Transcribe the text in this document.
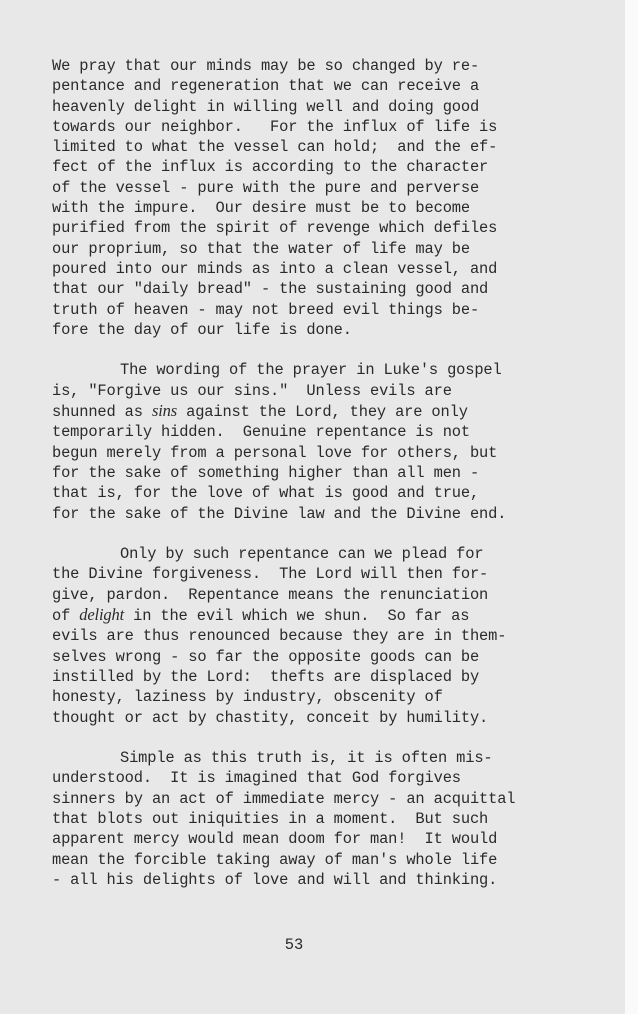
We pray that our minds may be so changed by re-
pentance and regeneration that we can receive a
heavenly delight in willing well and doing good
towards our neighbor.   For the influx of life is
limited to what the vessel can hold;  and the ef-
fect of the influx is according to the character
of the vessel - pure with the pure and perverse
with the impure.  Our desire must be to become
purified from the spirit of revenge which defiles
our proprium, so that the water of life may be
poured into our minds as into a clean vessel, and
that our "daily bread" - the sustaining good and
truth of heaven - may not breed evil things be-
fore the day of our life is done.
The wording of the prayer in Luke's gospel
is, "Forgive us our sins."  Unless evils are
shunned as sins against the Lord, they are only
temporarily hidden.  Genuine repentance is not
begun merely from a personal love for others, but
for the sake of something higher than all men -
that is, for the love of what is good and true,
for the sake of the Divine law and the Divine end.
Only by such repentance can we plead for
the Divine forgiveness.  The Lord will then for-
give, pardon.  Repentance means the renunciation
of delight in the evil which we shun.  So far as
evils are thus renounced because they are in them-
selves wrong - so far the opposite goods can be
instilled by the Lord:  thefts are displaced by
honesty, laziness by industry, obscenity of
thought or act by chastity, conceit by humility.
Simple as this truth is, it is often mis-
understood.  It is imagined that God forgives
sinners by an act of immediate mercy - an acquittal
that blots out iniquities in a moment.  But such
apparent mercy would mean doom for man!  It would
mean the forcible taking away of man's whole life
- all his delights of love and will and thinking.
53
